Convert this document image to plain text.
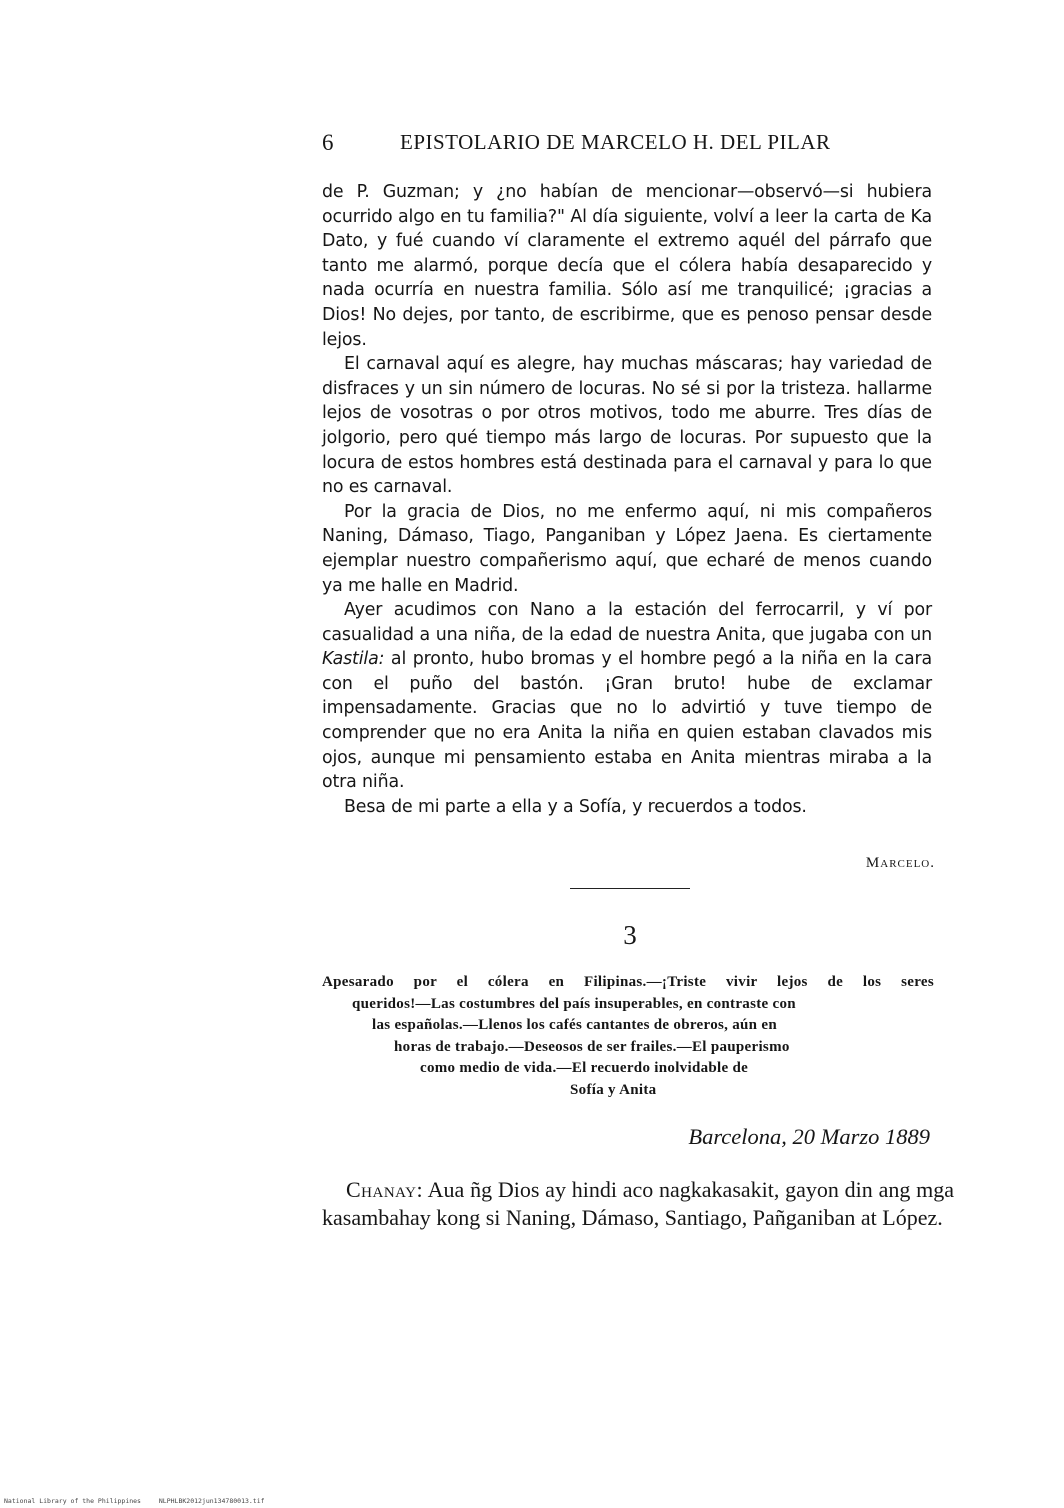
6	EPISTOLARIO DE MARCELO H. DEL PILAR

de P. Guzman; y ¿no habían de mencionar—observó—si hubiera ocurrido algo en tu familia?" Al día siguiente, volví a leer la carta de Ka Dato, y fué cuando ví claramente el extremo aquél del párrafo que tanto me alarmó, porque decía que el cólera había desaparecido y nada ocurría en nuestra familia. Sólo así me tranquilicé; ¡gracias a Dios! No dejes, por tanto, de escribirme, que es penoso pensar desde lejos.

El carnaval aquí es alegre, hay muchas máscaras; hay variedad de disfraces y un sin número de locuras. No sé si por la tristeza. hallarme lejos de vosotras o por otros motivos, todo me aburre. Tres días de jolgorio, pero qué tiempo más largo de locuras. Por supuesto que la locura de estos hombres está destinada para el carnaval y para lo que no es carnaval.

Por la gracia de Dios, no me enfermo aquí, ni mis compañeros Naning, Dámaso, Tiago, Panganiban y López Jaena. Es ciertamente ejemplar nuestro compañerismo aquí, que echaré de menos cuando ya me halle en Madrid.

Ayer acudimos con Nano a la estación del ferrocarril, y ví por casualidad a una niña, de la edad de nuestra Anita, que jugaba con un Kastila: al pronto, hubo bromas y el hombre pegó a la niña en la cara con el puño del bastón. ¡Gran bruto! hube de exclamar impensadamente. Gracias que no lo advirtió y tuve tiempo de comprender que no era Anita la niña en quien estaban clavados mis ojos, aunque mi pensamiento estaba en Anita mientras miraba a la otra niña.

Besa de mi parte a ella y a Sofía, y recuerdos a todos.

Marcelo.
3
Apesarado por el cólera en Filipinas.—¡Triste vivir lejos de los seres
queridos!—Las costumbres del país insuperables, en contraste con
las españolas.—Llenos los cafés cantantes de obreros, aún en
horas de trabajo.—Deseosos de ser frailes.—El pauperismo
como medio de vida.—El recuerdo inolvidable de
Sofía y Anita
Barcelona, 20 Marzo 1889

Chanay: Aua ñg Dios ay hindi aco nagkakasakit, gayon din ang mga kasambahay kong si Naning, Dámaso, Santiago, Pañganiban at López.

National Library of the Philippines	NLPHLBK2012jun134780013.tif
